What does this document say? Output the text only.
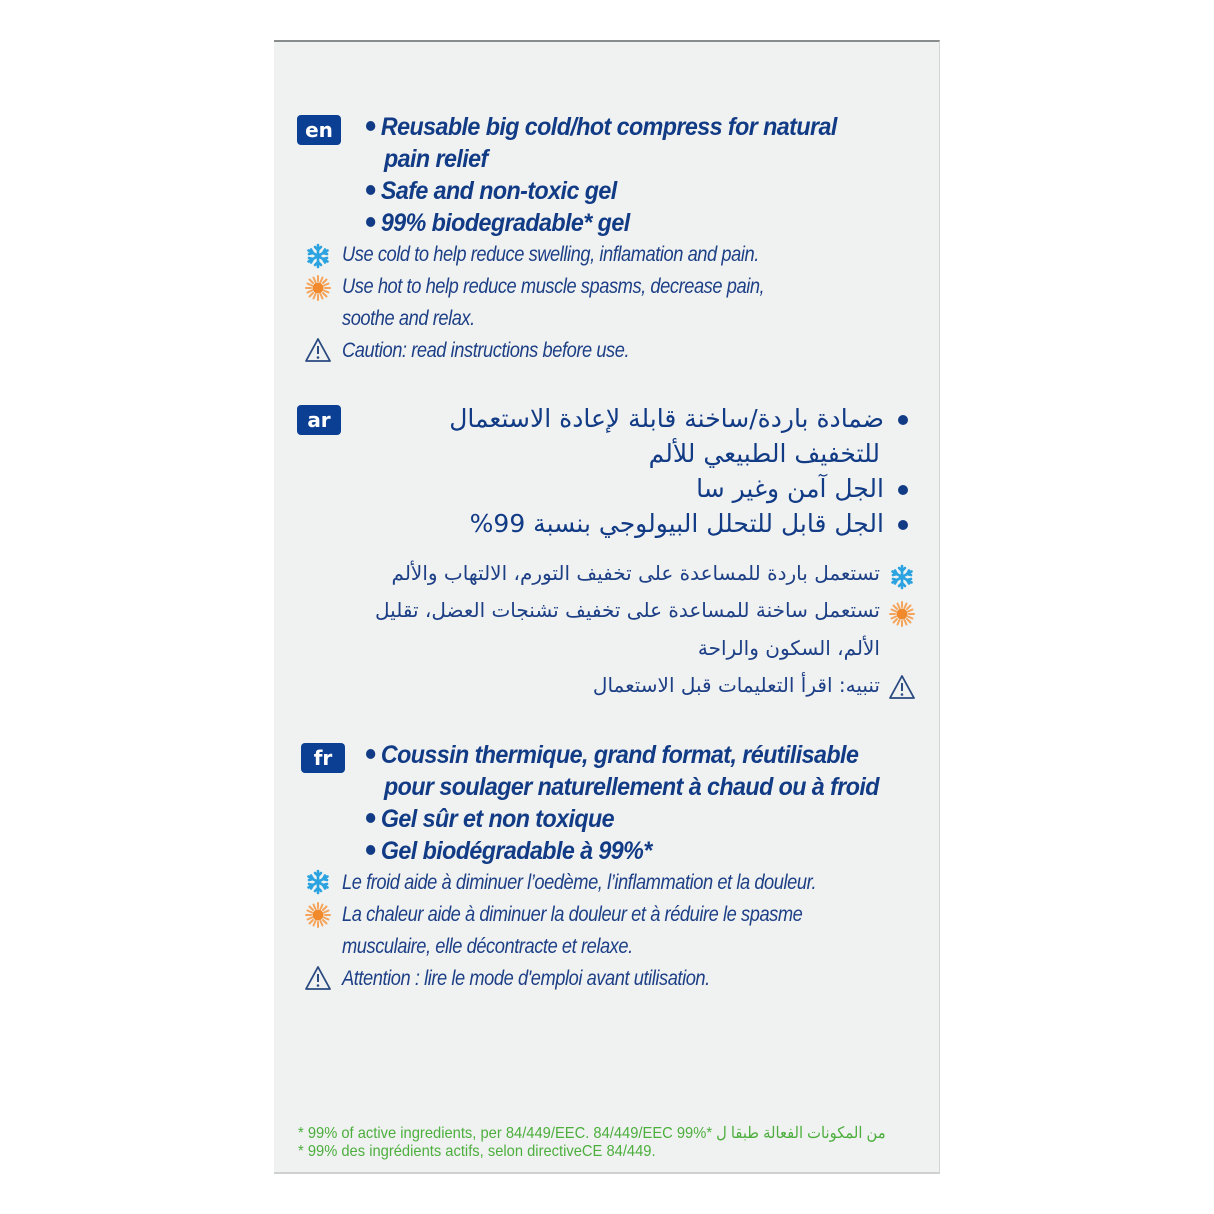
en	Reusable big cold/hot compress for natural
pain relief
Safe and non-toxic gel
99% biodegradable* gel
Use cold to help reduce swelling, inflamation and pain.
Use hot to help reduce muscle spasms, decrease pain,
soothe and relax.
Caution: read instructions before use.
ar	ضمادة باردة/ساخنة قابلة لإعادة الاستعمال
للتخفيف الطبيعي للألم
الجل آمن وغير سا
الجل قابل للتحلل البيولوجي بنسبة 99%
تستعمل باردة للمساعدة على تخفيف التورم، الالتهاب والألم
تستعمل ساخنة للمساعدة على تخفيف تشنجات العضل، تقليل
الألم، السكون والراحة
تنبيه: اقرأ التعليمات قبل الاستعمال
fr	Coussin thermique, grand format, réutilisable
pour soulager naturellement à chaud ou à froid
Gel sûr et non toxique
Gel biodégradable à 99%*
Le froid aide à diminuer l’oedème, l’inflammation et la douleur.
La chaleur aide à diminuer la douleur et à réduire le spasme
musculaire, elle décontracte et relaxe.
Attention : lire le mode d'emploi avant utilisation.
* 99% of active ingredients, per 84/449/EEC. 84/449/EEC 99%* من المكونات الفعالة طبقا ل
* 99% des ingrédients actifs, selon directiveCE 84/449.
